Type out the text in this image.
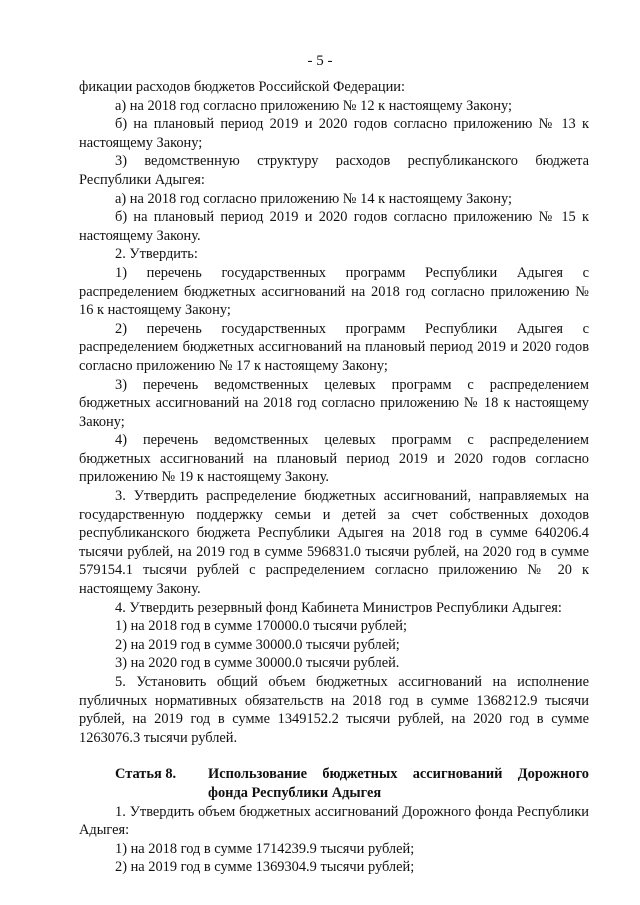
- 5 -

фикации расходов бюджетов Российской Федерации:

а) на 2018 год согласно приложению № 12 к настоящему Закону;

б) на плановый период 2019 и 2020 годов согласно приложению № 13 к настоящему Закону;

3) ведомственную структуру расходов республиканского бюджета Республики Адыгея:

а) на 2018 год согласно приложению № 14 к настоящему Закону;

б) на плановый период 2019 и 2020 годов согласно приложению № 15 к настоящему Закону.

2. Утвердить:

1) перечень государственных программ Республики Адыгея с распределением бюджетных ассигнований на 2018 год согласно приложению № 16 к настоящему Закону;

2) перечень государственных программ Республики Адыгея с распределением бюджетных ассигнований на плановый период 2019 и 2020 годов согласно приложению № 17 к настоящему Закону;

3) перечень ведомственных целевых программ с распределением бюджетных ассигнований на 2018 год согласно приложению № 18 к настоящему Закону;

4) перечень ведомственных целевых программ с распределением бюджетных ассигнований на плановый период 2019 и 2020 годов согласно приложению № 19 к настоящему Закону.

3. Утвердить распределение бюджетных ассигнований, направляемых на государственную поддержку семьи и детей за счет собственных доходов республиканского бюджета Республики Адыгея на 2018 год в сумме 640206.4 тысячи рублей, на 2019 год в сумме 596831.0 тысячи рублей, на 2020 год в сумме 579154.1 тысячи рублей с распределением согласно приложению № 20 к настоящему Закону.

4. Утвердить резервный фонд Кабинета Министров Республики Адыгея:

1) на 2018 год в сумме 170000.0 тысячи рублей;

2) на 2019 год в сумме 30000.0 тысячи рублей;

3) на 2020 год в сумме 30000.0 тысячи рублей.

5. Установить общий объем бюджетных ассигнований на исполнение публичных нормативных обязательств на 2018 год в сумме 1368212.9 тысячи рублей, на 2019 год в сумме 1349152.2 тысячи рублей, на 2020 год в сумме 1263076.3 тысячи рублей.

Статья 8.	Использование бюджетных ассигнований Дорожного фонда Республики Адыгея

1. Утвердить объем бюджетных ассигнований Дорожного фонда Республики Адыгея:

1) на 2018 год в сумме 1714239.9 тысячи рублей;

2) на 2019 год в сумме 1369304.9 тысячи рублей;
